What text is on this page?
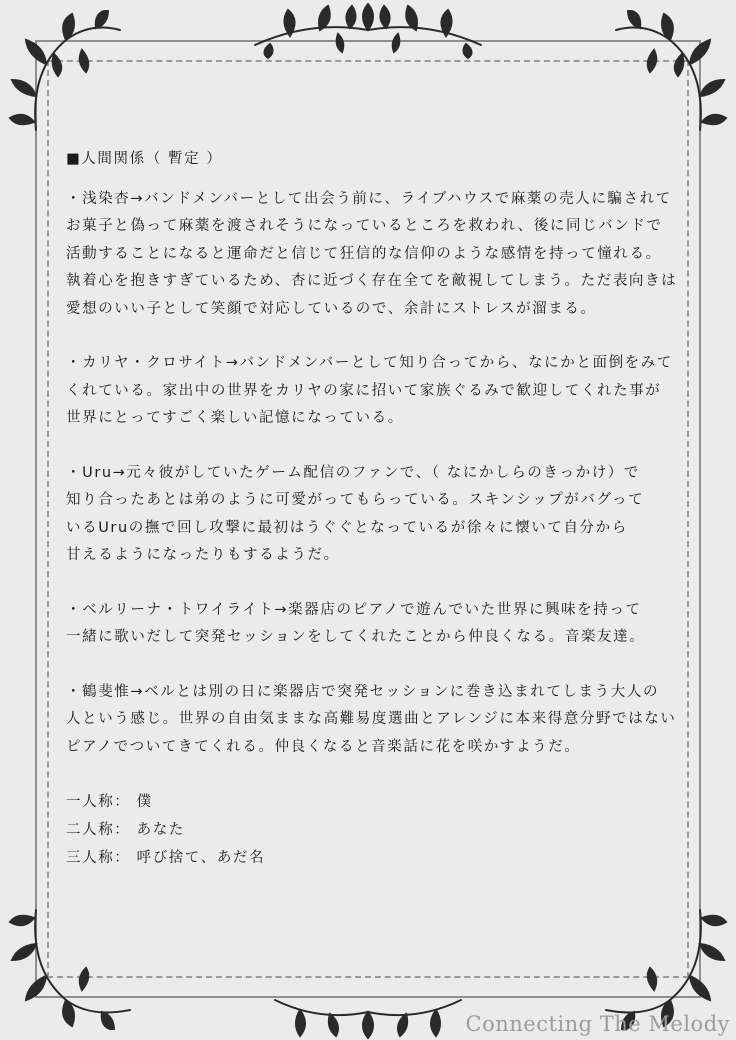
■人間関係（ 暫定 ）
・浅染杏→バンドメンバーとして出会う前に、ライブハウスで麻薬の売人に騙されて
お菓子と偽って麻薬を渡されそうになっているところを救われ、後に同じバンドで
活動することになると運命だと信じて狂信的な信仰のような感情を持って憧れる。
執着心を抱きすぎているため、杏に近づく存在全てを敵視してしまう。ただ表向きは
愛想のいい子として笑顔で対応しているので、余計にストレスが溜まる。
・カリヤ・クロサイト→バンドメンバーとして知り合ってから、なにかと面倒をみて
くれている。家出中の世界をカリヤの家に招いて家族ぐるみで歓迎してくれた事が
世界にとってすごく楽しい記憶になっている。
・Uru→元々彼がしていたゲーム配信のファンで、（ なにかしらのきっかけ）で
知り合ったあとは弟のように可愛がってもらっている。スキンシップがバグって
いるUruの撫で回し攻撃に最初はうぐぐとなっているが徐々に懐いて自分から
甘えるようになったりもするようだ。
・ベルリーナ・トワイライト→楽器店のピアノで遊んでいた世界に興味を持って
一緒に歌いだして突発セッションをしてくれたことから仲良くなる。音楽友達。
・鶴斐惟→ベルとは別の日に楽器店で突発セッションに巻き込まれてしまう大人の
人という感じ。世界の自由気ままな高難易度選曲とアレンジに本来得意分野ではない
ピアノでついてきてくれる。仲良くなると音楽話に花を咲かすようだ。
一人称： 僕
二人称： あなた
三人称： 呼び捨て、あだ名
Connecting The Melody
